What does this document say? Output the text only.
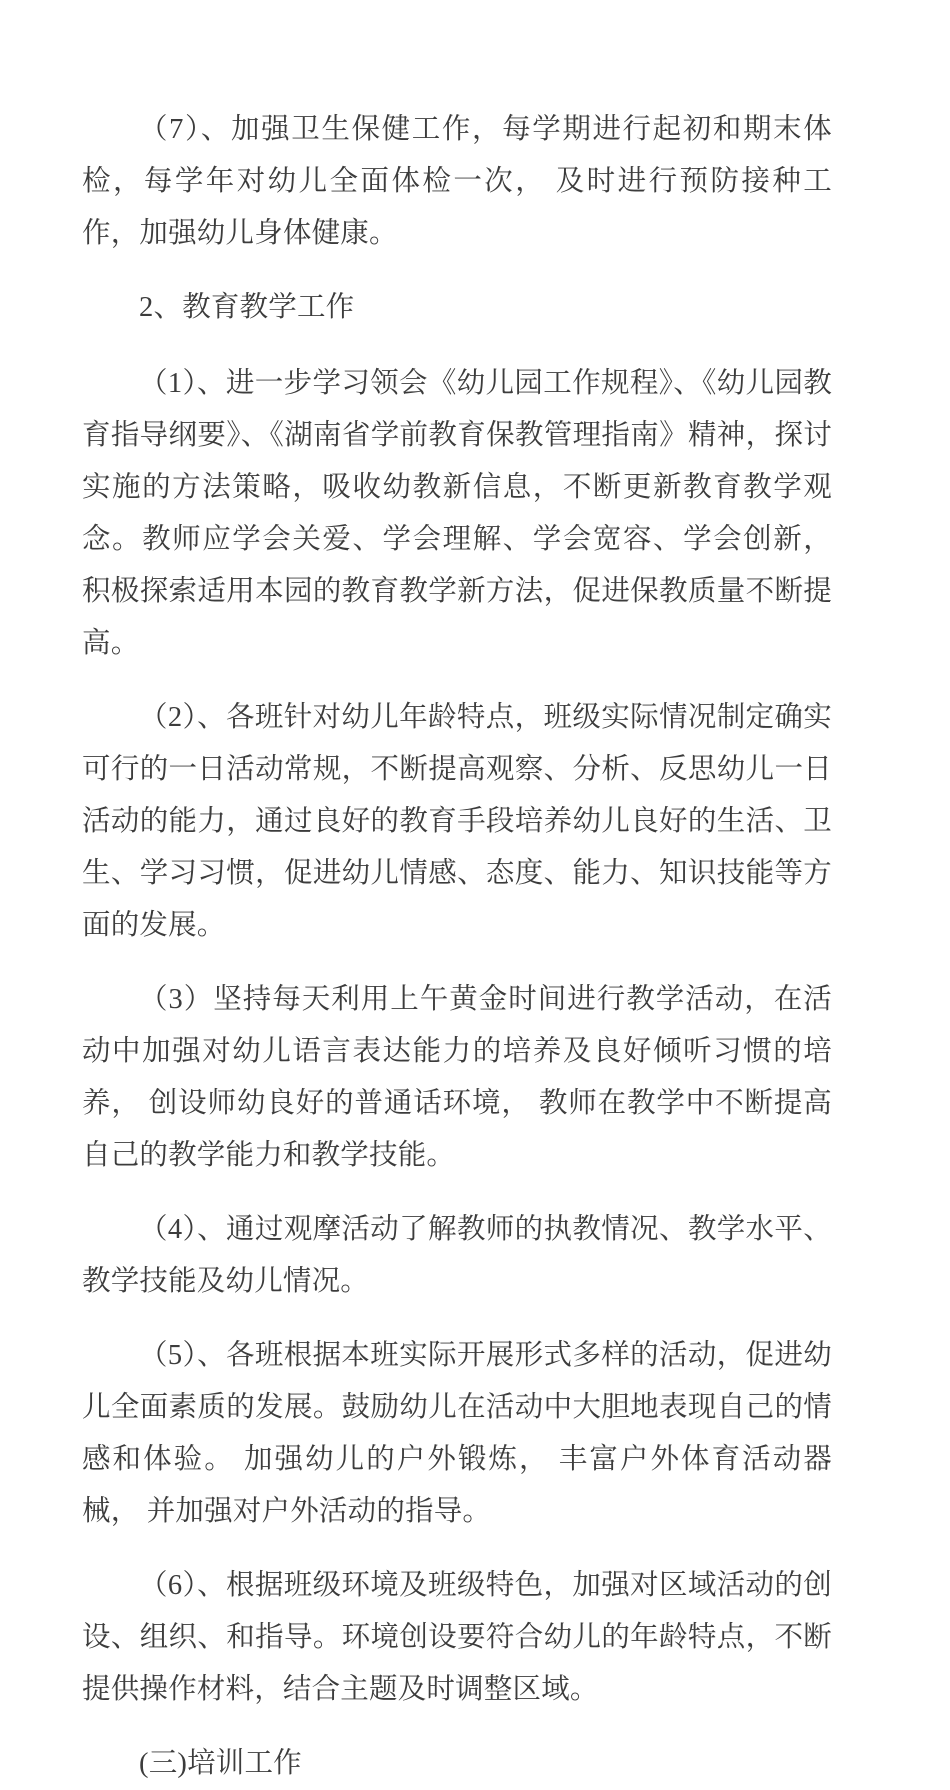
（7）、加强卫生保健工作，每学期进行起初和期末体检，每学年对幼儿全面体检一次， 及时进行预防接种工作，加强幼儿身体健康。

2、教育教学工作

（1）、进一步学习领会《幼儿园工作规程》、《幼儿园教育指导纲要》、《湖南省学前教育保教管理指南》精神，探讨实施的方法策略，吸收幼教新信息，不断更新教育教学观念。教师应学会关爱、学会理解、学会宽容、学会创新， 积极探索适用本园的教育教学新方法，促进保教质量不断提高。

（2）、各班针对幼儿年龄特点，班级实际情况制定确实可行的一日活动常规，不断提高观察、分析、反思幼儿一日活动的能力，通过良好的教育手段培养幼儿良好的生活、卫生、学习习惯，促进幼儿情感、态度、能力、知识技能等方面的发展。

（3）坚持每天利用上午黄金时间进行教学活动，在活动中加强对幼儿语言表达能力的培养及良好倾听习惯的培养， 创设师幼良好的普通话环境， 教师在教学中不断提高自己的教学能力和教学技能。

（4）、通过观摩活动了解教师的执教情况、教学水平、教学技能及幼儿情况。

（5）、各班根据本班实际开展形式多样的活动，促进幼儿全面素质的发展。鼓励幼儿在活动中大胆地表现自己的情感和体验。 加强幼儿的户外锻炼， 丰富户外体育活动器械， 并加强对户外活动的指导。

（6）、根据班级环境及班级特色，加强对区域活动的创设、组织、和指导。环境创设要符合幼儿的年龄特点，不断提供操作材料，结合主题及时调整区域。

(三)培训工作
